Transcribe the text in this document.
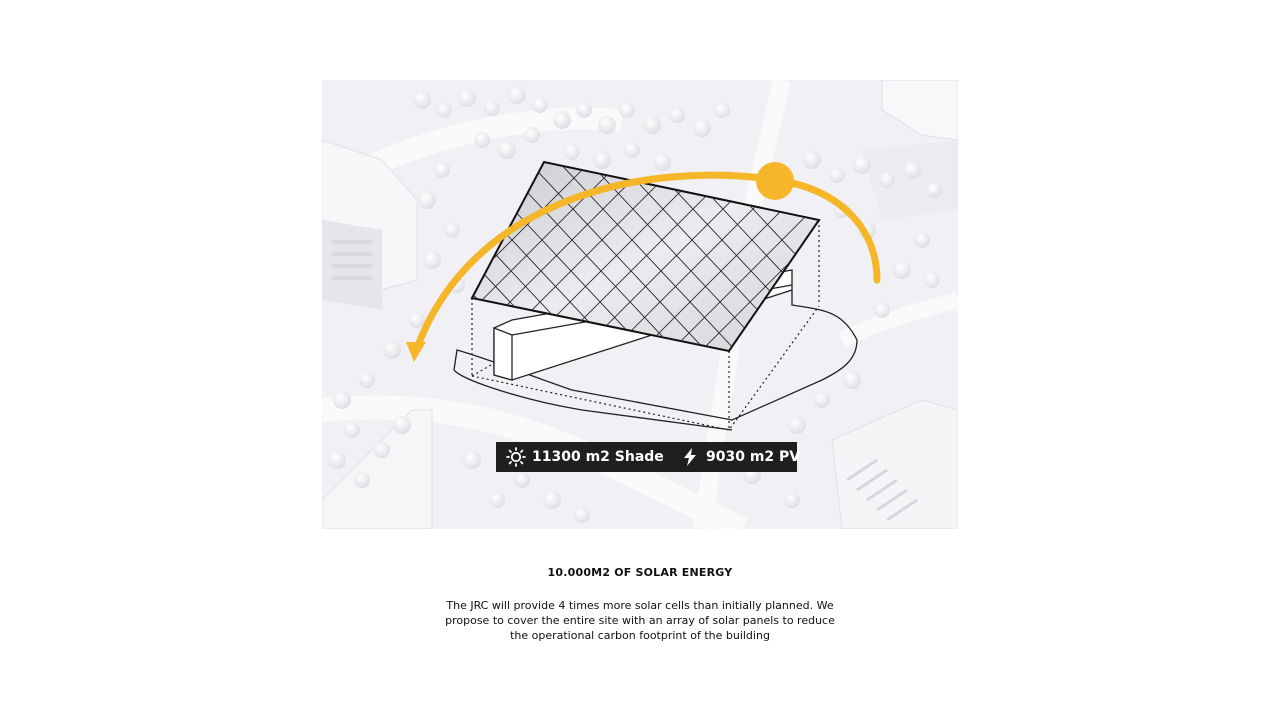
11300 m2 Shade	9030 m2 PV
10.000M2 OF SOLAR ENERGY
The JRC will provide 4 times more solar cells than initially planned. We propose to cover the entire site with an array of solar panels to reduce the operational carbon footprint of the building
